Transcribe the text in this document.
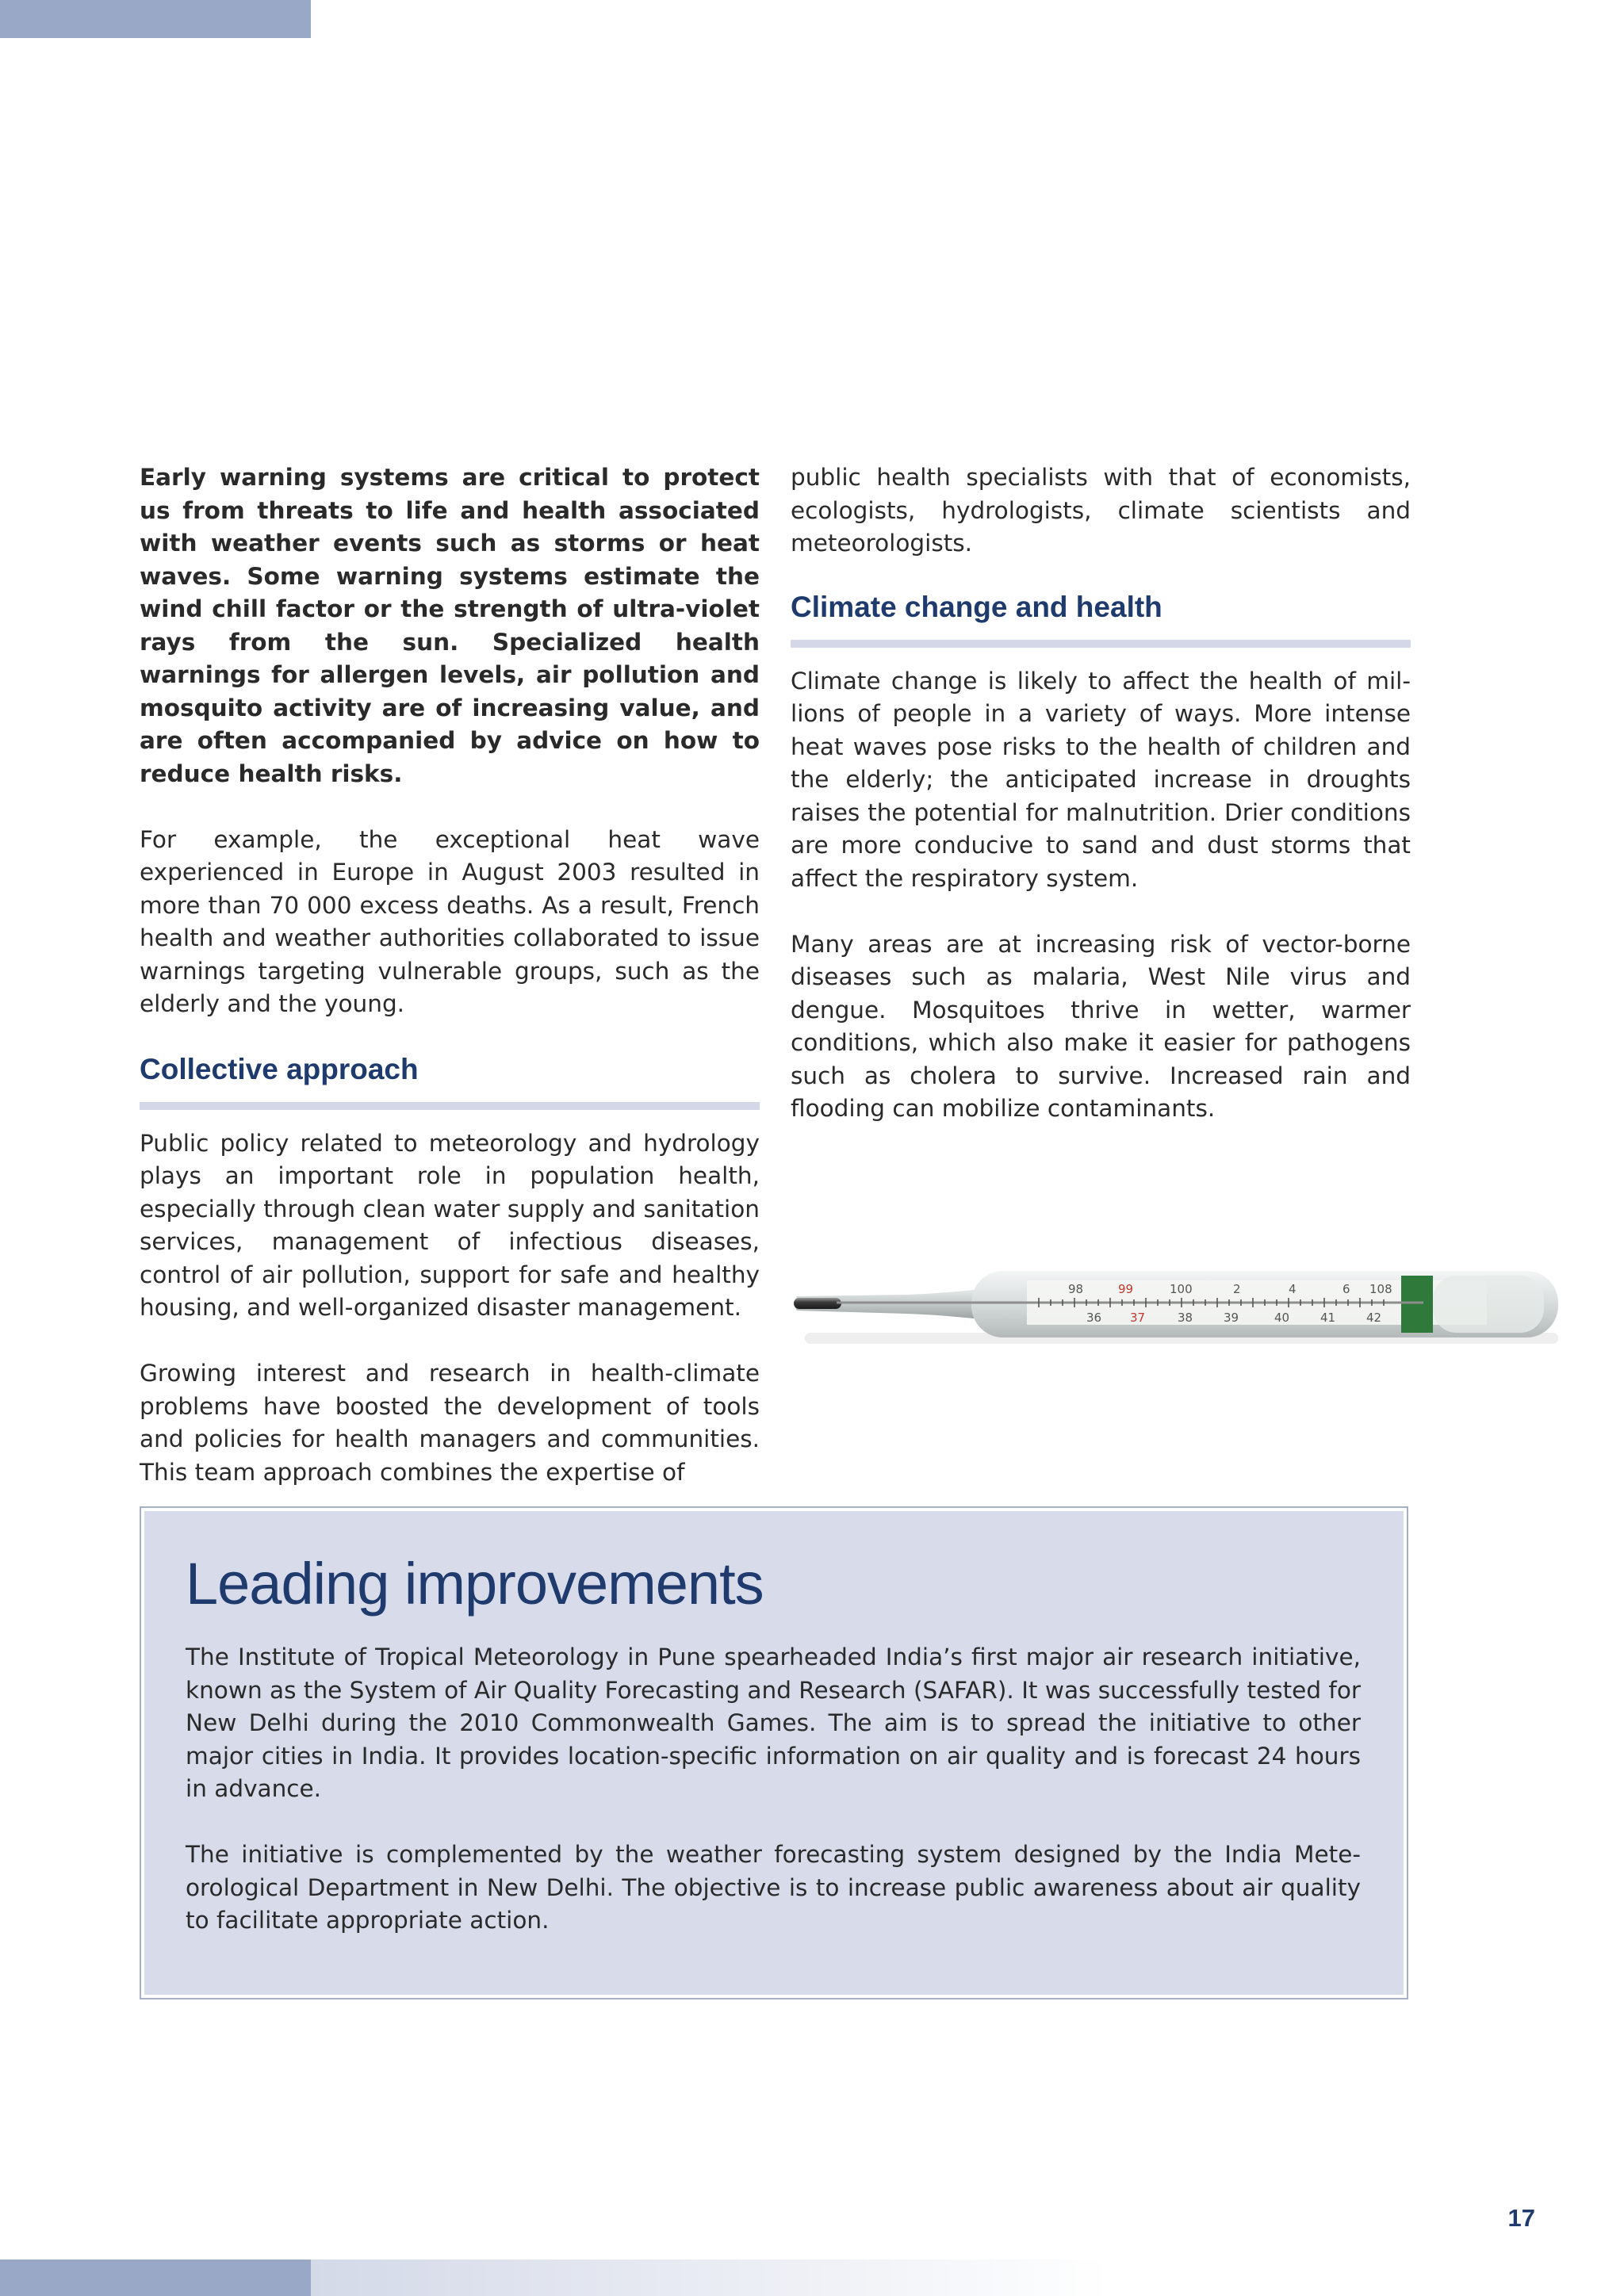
Early warning systems are critical to protect us from threats to life and health associated with weather events such as storms or heat waves. Some warning systems estimate the wind chill factor or the strength of ultra-violet rays from the sun. Specialized health warnings for allergen levels, air pollution and mosquito activity are of increasing value, and are often accompanied by advice on how to reduce health risks.

For example, the exceptional heat wave experienced in Europe in August 2003 resulted in more than 70 000 excess deaths. As a result, French health and weather authorities collaborated to issue warnings targeting vulnerable groups, such as the elderly and the young.

Collective approach

Public policy related to meteorology and hydrology plays an important role in population health, especially through clean water supply and sanitation services, management of infectious diseases, control of air pollution, support for safe and healthy housing, and well-organized disaster management.

Growing interest and research in health-climate problems have boosted the development of tools and policies for health managers and communities. This team approach combines the expertise of

public health specialists with that of economists, ecologists, hydrologists, climate scientists and meteorologists.

Climate change and health

Climate change is likely to affect the health of millions of people in a variety of ways. More intense heat waves pose risks to the health of children and the elderly; the anticipated increase in droughts raises the potential for malnutrition. Drier conditions are more conducive to sand and dust storms that affect the respiratory system.

Many areas are at increasing risk of vector-borne diseases such as malaria, West Nile virus and dengue. Mosquitoes thrive in wetter, warmer conditions, which also make it easier for pathogens such as cholera to survive. Increased rain and flooding can mobilize contaminants.

98	99	100	2	4	6 108
36 37	38	39	40	41	42
Leading improvements

The Institute of Tropical Meteorology in Pune spearheaded India’s first major air research initiative, known as the System of Air Quality Forecasting and Research (SAFAR). It was successfully tested for New Delhi during the 2010 Commonwealth Games. The aim is to spread the initiative to other major cities in India. It provides location-specific information on air quality and is forecast 24 hours in advance.

The initiative is complemented by the weather forecasting system designed by the India Meteorological Department in New Delhi. The objective is to increase public awareness about air quality to facilitate appropriate action.

17
